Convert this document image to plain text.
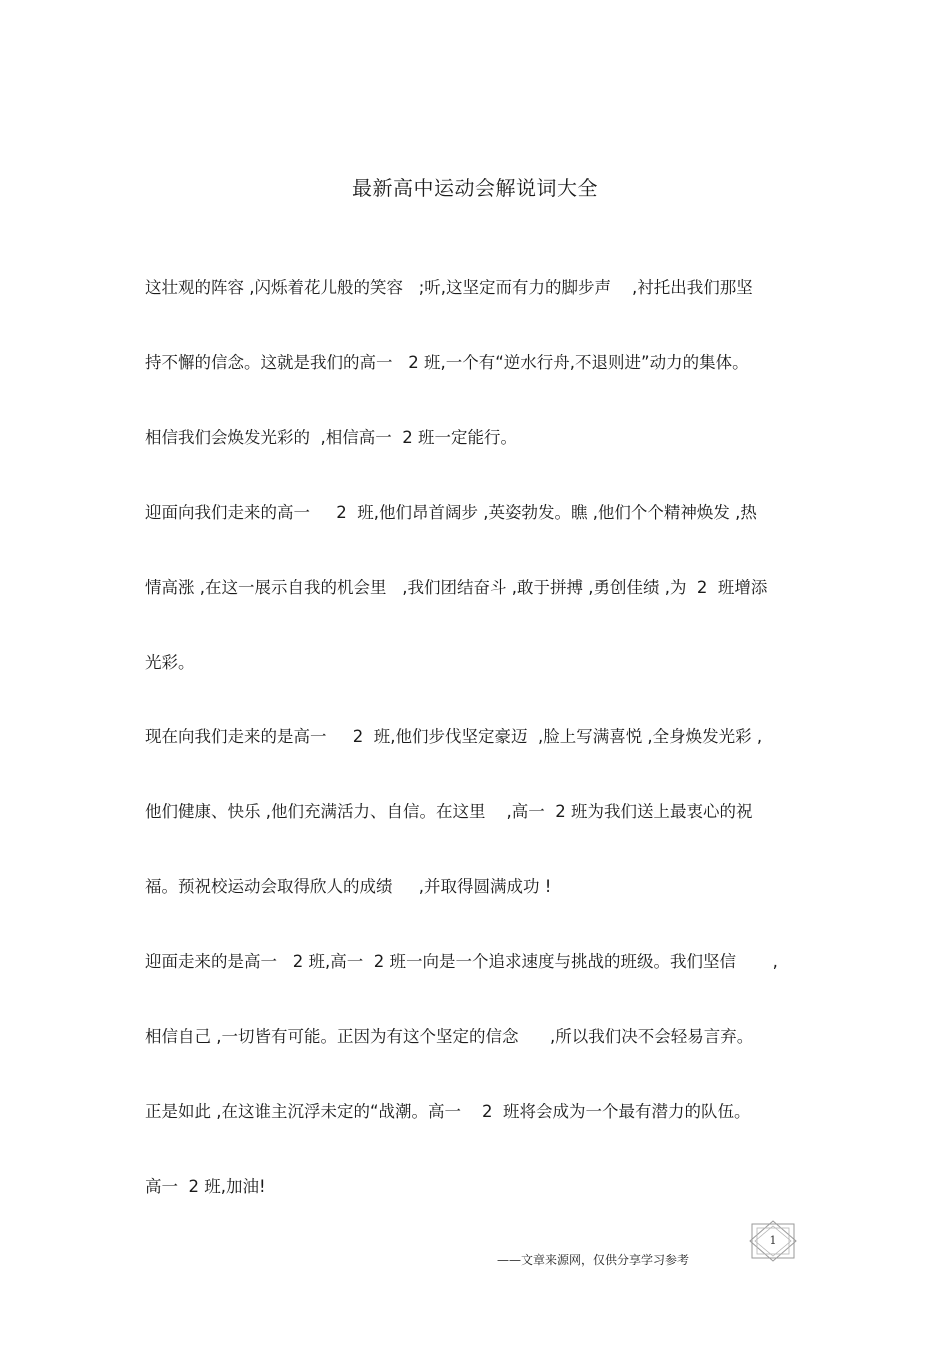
最新高中运动会解说词大全
这壮观的阵容 ,闪烁着花儿般的笑容   ;听,这坚定而有力的脚步声    ,衬托出我们那坚
持不懈的信念。这就是我们的高一   2 班,一个有“逆水行舟,不退则进”动力的集体。
相信我们会焕发光彩的  ,相信高一  2 班一定能行。
迎面向我们走来的高一     2  班,他们昂首阔步 ,英姿勃发。瞧 ,他们个个精神焕发 ,热
情高涨 ,在这一展示自我的机会里   ,我们团结奋斗 ,敢于拼搏 ,勇创佳绩 ,为  2  班增添
光彩。
现在向我们走来的是高一     2  班,他们步伐坚定豪迈  ,脸上写满喜悦 ,全身焕发光彩 ,
他们健康、快乐 ,他们充满活力、自信。在这里    ,高一  2 班为我们送上最衷心的祝
福。预祝校运动会取得欣人的成绩     ,并取得圆满成功 !
迎面走来的是高一   2 班,高一  2 班一向是一个追求速度与挑战的班级。我们坚信       ,
相信自己 ,一切皆有可能。正因为有这个坚定的信念      ,所以我们决不会轻易言弃。
正是如此 ,在这谁主沉浮未定的“战潮。高一    2  班将会成为一个最有潜力的队伍。
高一  2 班,加油!
——文章来源网，仅供分享学习参考
1
